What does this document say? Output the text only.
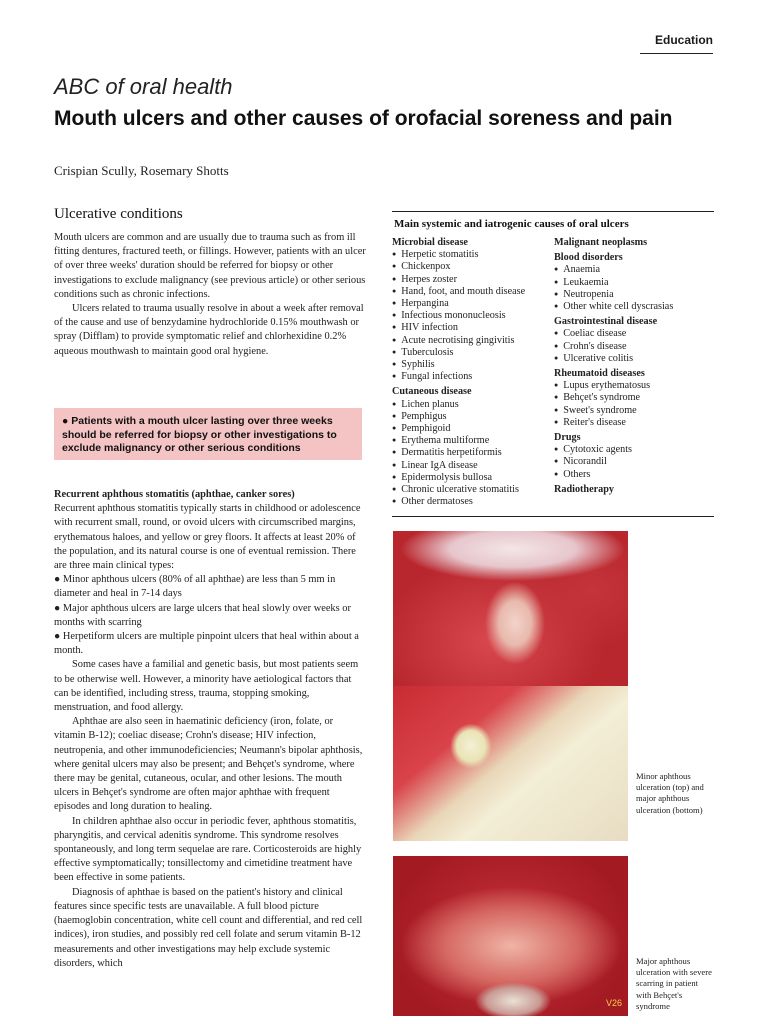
Education
ABC of oral health
Mouth ulcers and other causes of orofacial soreness and pain
Crispian Scully, Rosemary Shotts
Ulcerative conditions

Mouth ulcers are common and are usually due to trauma such as from ill fitting dentures, fractured teeth, or fillings. However, patients with an ulcer of over three weeks' duration should be referred for biopsy or other investigations to exclude malignancy (see previous article) or other serious conditions such as chronic infections.

Ulcers related to trauma usually resolve in about a week after removal of the cause and use of benzydamine hydrochloride 0.15% mouthwash or spray (Difflam) to provide symptomatic relief and chlorhexidine 0.2% aqueous mouthwash to maintain good oral hygiene.

● Patients with a mouth ulcer lasting over three weeks should be referred for biopsy or other investigations to exclude malignancy or other serious conditions

Recurrent aphthous stomatitis (aphthae, canker sores)

Recurrent aphthous stomatitis typically starts in childhood or adolescence with recurrent small, round, or ovoid ulcers with circumscribed margins, erythematous haloes, and yellow or grey floors. It affects at least 20% of the population, and its natural course is one of eventual remission. There are three main clinical types:

● Minor aphthous ulcers (80% of all aphthae) are less than 5 mm in diameter and heal in 7-14 days

● Major aphthous ulcers are large ulcers that heal slowly over weeks or months with scarring

● Herpetiform ulcers are multiple pinpoint ulcers that heal within about a month.

Some cases have a familial and genetic basis, but most patients seem to be otherwise well. However, a minority have aetiological factors that can be identified, including stress, trauma, stopping smoking, menstruation, and food allergy.

Aphthae are also seen in haematinic deficiency (iron, folate, or vitamin B-12); coeliac disease; Crohn's disease; HIV infection, neutropenia, and other immunodeficiencies; Neumann's bipolar aphthosis, where genital ulcers may also be present; and Behçet's syndrome, where there may be genital, cutaneous, ocular, and other lesions. The mouth ulcers in Behçet's syndrome are often major aphthae with frequent episodes and long duration to healing.

In children aphthae also occur in periodic fever, aphthous stomatitis, pharyngitis, and cervical adenitis syndrome. This syndrome resolves spontaneously, and long term sequelae are rare. Corticosteroids are highly effective symptomatically; tonsillectomy and cimetidine treatment have been effective in some patients.

Diagnosis of aphthae is based on the patient's history and clinical features since specific tests are unavailable. A full blood picture (haemoglobin concentration, white cell count and differential, and red cell indices), iron studies, and possibly red cell folate and serum vitamin B-12 measurements and other investigations may help exclude systemic disorders, which

Main systemic and iatrogenic causes of oral ulcers
Microbial disease
● Herpetic stomatitis
● Chickenpox
● Herpes zoster
● Hand, foot, and mouth disease
● Herpangina
● Infectious mononucleosis
● HIV infection
● Acute necrotising gingivitis
● Tuberculosis
● Syphilis
● Fungal infections
Cutaneous disease
● Lichen planus
● Pemphigus
● Pemphigoid
● Erythema multiforme
● Dermatitis herpetiformis
● Linear IgA disease
● Epidermolysis bullosa
● Chronic ulcerative stomatitis
● Other dermatoses
Malignant neoplasms
Blood disorders
● Anaemia
● Leukaemia
● Neutropenia
● Other white cell dyscrasias
Gastrointestinal disease
● Coeliac disease
● Crohn's disease
● Ulcerative colitis
Rheumatoid diseases
● Lupus erythematosus
● Behçet's syndrome
● Sweet's syndrome
● Reiter's disease
Drugs
● Cytotoxic agents
● Nicorandil
● Others
Radiotherapy
V26
Minor aphthous ulceration (top) and major aphthous ulceration (bottom)
Major aphthous ulceration with severe scarring in patient with Behçet's syndrome
